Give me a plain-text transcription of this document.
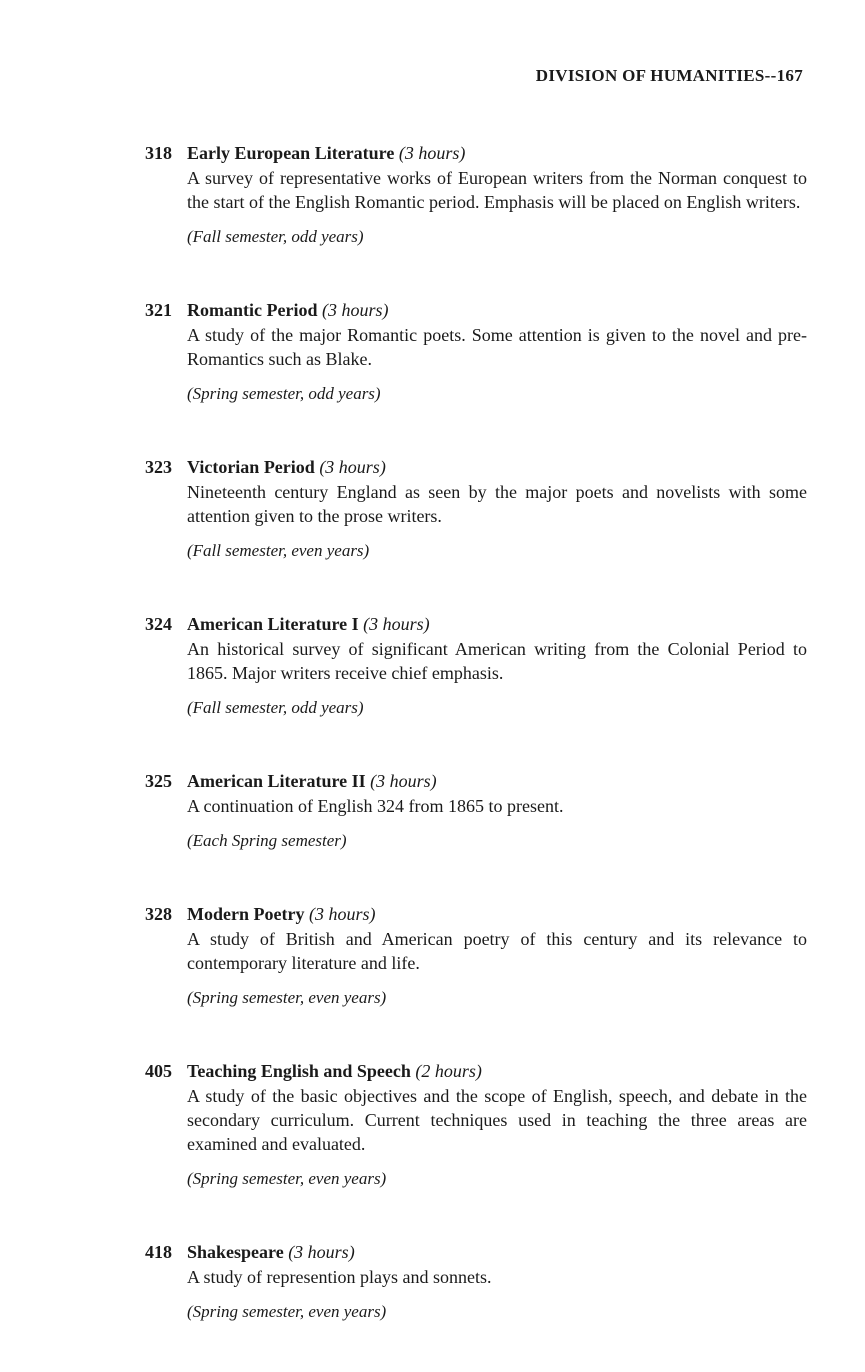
DIVISION OF HUMANITIES--167
318 Early European Literature (3 hours)

A survey of representative works of European writers from the Norman conquest to the start of the English Romantic period. Emphasis will be placed on English writers.

(Fall semester, odd years)
321 Romantic Period (3 hours)

A study of the major Romantic poets. Some attention is given to the novel and pre-Romantics such as Blake.

(Spring semester, odd years)
323 Victorian Period (3 hours)

Nineteenth century England as seen by the major poets and novelists with some attention given to the prose writers.

(Fall semester, even years)
324 American Literature I (3 hours)

An historical survey of significant American writing from the Colonial Period to 1865. Major writers receive chief emphasis.

(Fall semester, odd years)
325 American Literature II (3 hours)

A continuation of English 324 from 1865 to present.

(Each Spring semester)
328 Modern Poetry (3 hours)

A study of British and American poetry of this century and its relevance to contemporary literature and life.

(Spring semester, even years)
405 Teaching English and Speech (2 hours)

A study of the basic objectives and the scope of English, speech, and debate in the secondary curriculum. Current techniques used in teaching the three areas are examined and evaluated.

(Spring semester, even years)
418 Shakespeare (3 hours)

A study of represention plays and sonnets.

(Spring semester, even years)
